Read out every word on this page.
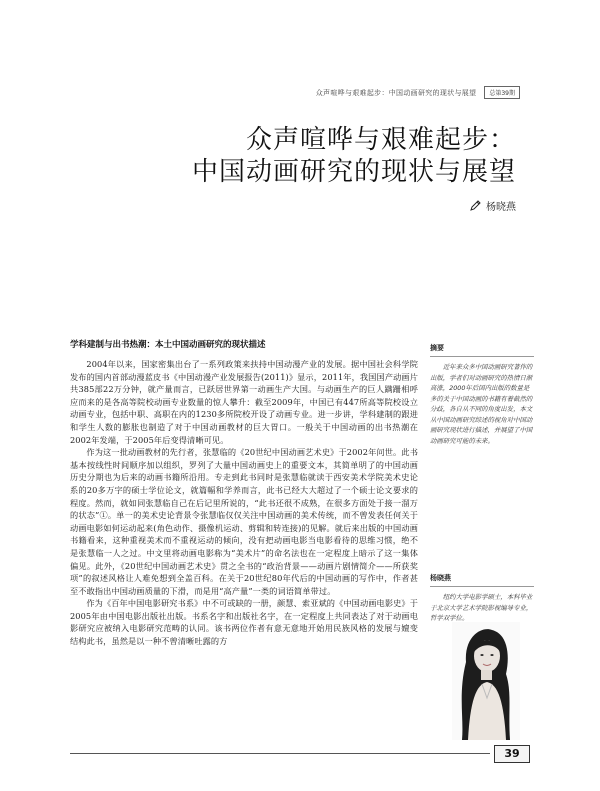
众声喧哗与艰难起步：中国动画研究的现状与展望	总第39期
众声喧哗与艰难起步：
中国动画研究的现状与展望
杨晓燕
学科建制与出书热潮：本土中国动画研究的现状描述

2004年以来，国家密集出台了一系列政策来扶持中国动漫产业的发展。据中国社会科学院发布的国内首部动漫蓝皮书《中国动漫产业发展报告(2011)》显示，2011年，我国国产动画片共385部22万分钟，就产量而言，已跃居世界第一动画生产大国。与动画生产的巨人蹒跚相呼应而来的是各高等院校动画专业数量的惊人攀升：截至2009年，中国已有447所高等院校设立动画专业，包括中职、高职在内的1230多所院校开设了动画专业。进一步讲，学科建制的跟进和学生人数的膨胀也制造了对于中国动画教材的巨大胃口。一般关于中国动画的出书热潮在2002年发端，于2005年后变得清晰可见。

作为这一批动画教材的先行者，张慧临的《20世纪中国动画艺术史》于2002年问世。此书基本按线性时间顺序加以组织，罗列了大量中国动画史上的重要文本，其简单明了的中国动画历史分期也为后来的动画书籍所沿用。专走到此书同时是张慧临就读于西安美术学院美术史论系的20多万字的硕士学位论文，就篇幅和学养而言，此书已经大大超过了一个硕士论文要求的程度。然而，就如同张慧临自己在后记里所说的，“此书还很不成熟，在很多方面处于接一溜万的状态”①。单一的美术史论背景令张慧临仅仅关注中国动画的美术传统，而不曾发表任何关于动画电影如何运动起来(角色动作、摄像机运动、剪辑和转连接)的见解。就后来出版的中国动画书籍看来，这种重视美术而不重视运动的倾向，没有把动画电影当电影看待的思维习惯，绝不是张慧临一人之过。中文里将动画电影称为“美术片”的命名法也在一定程度上暗示了这一集体偏见。此外，《20世纪中国动画艺术史》贯之全书的“政治背景——动画片剧情简介——所获奖项”的叙述风格让人难免想到全盖百科。在关于20世纪80年代后的中国动画的写作中，作者甚至不敢指出中国动画质量的下滑，而是用“高产量”一类的词语简单带过。

作为《百年中国电影研究书系》中不可或缺的一册，颜慧、索亚斌的《中国动画电影史》于2005年由中国电影出版社出版。书系名字和出版社名字，在一定程度上共同表达了对于动画电影研究应被纳入电影研究范畴的认同。该书两位作者有意无意地开始用民族风格的发展与嬗变结构此书，虽然是以一种不曾清晰吐露的方

摘要

近年来众多中国动画研究著作的出版，学者们对动画研究的热情日渐高涨，2000年后国内出版的数量是多的关于中国动画的书籍有着截然的分歧，各自从不同的角度出发，本文从中国动画研究综述的视角对中国动画研究现状进行描述，并展望了中国动画研究可能的未来。

杨晓燕

纽约大学电影学硕士，本科毕业于北京大学艺术学院影视编导专业，哲学双学位。

39
